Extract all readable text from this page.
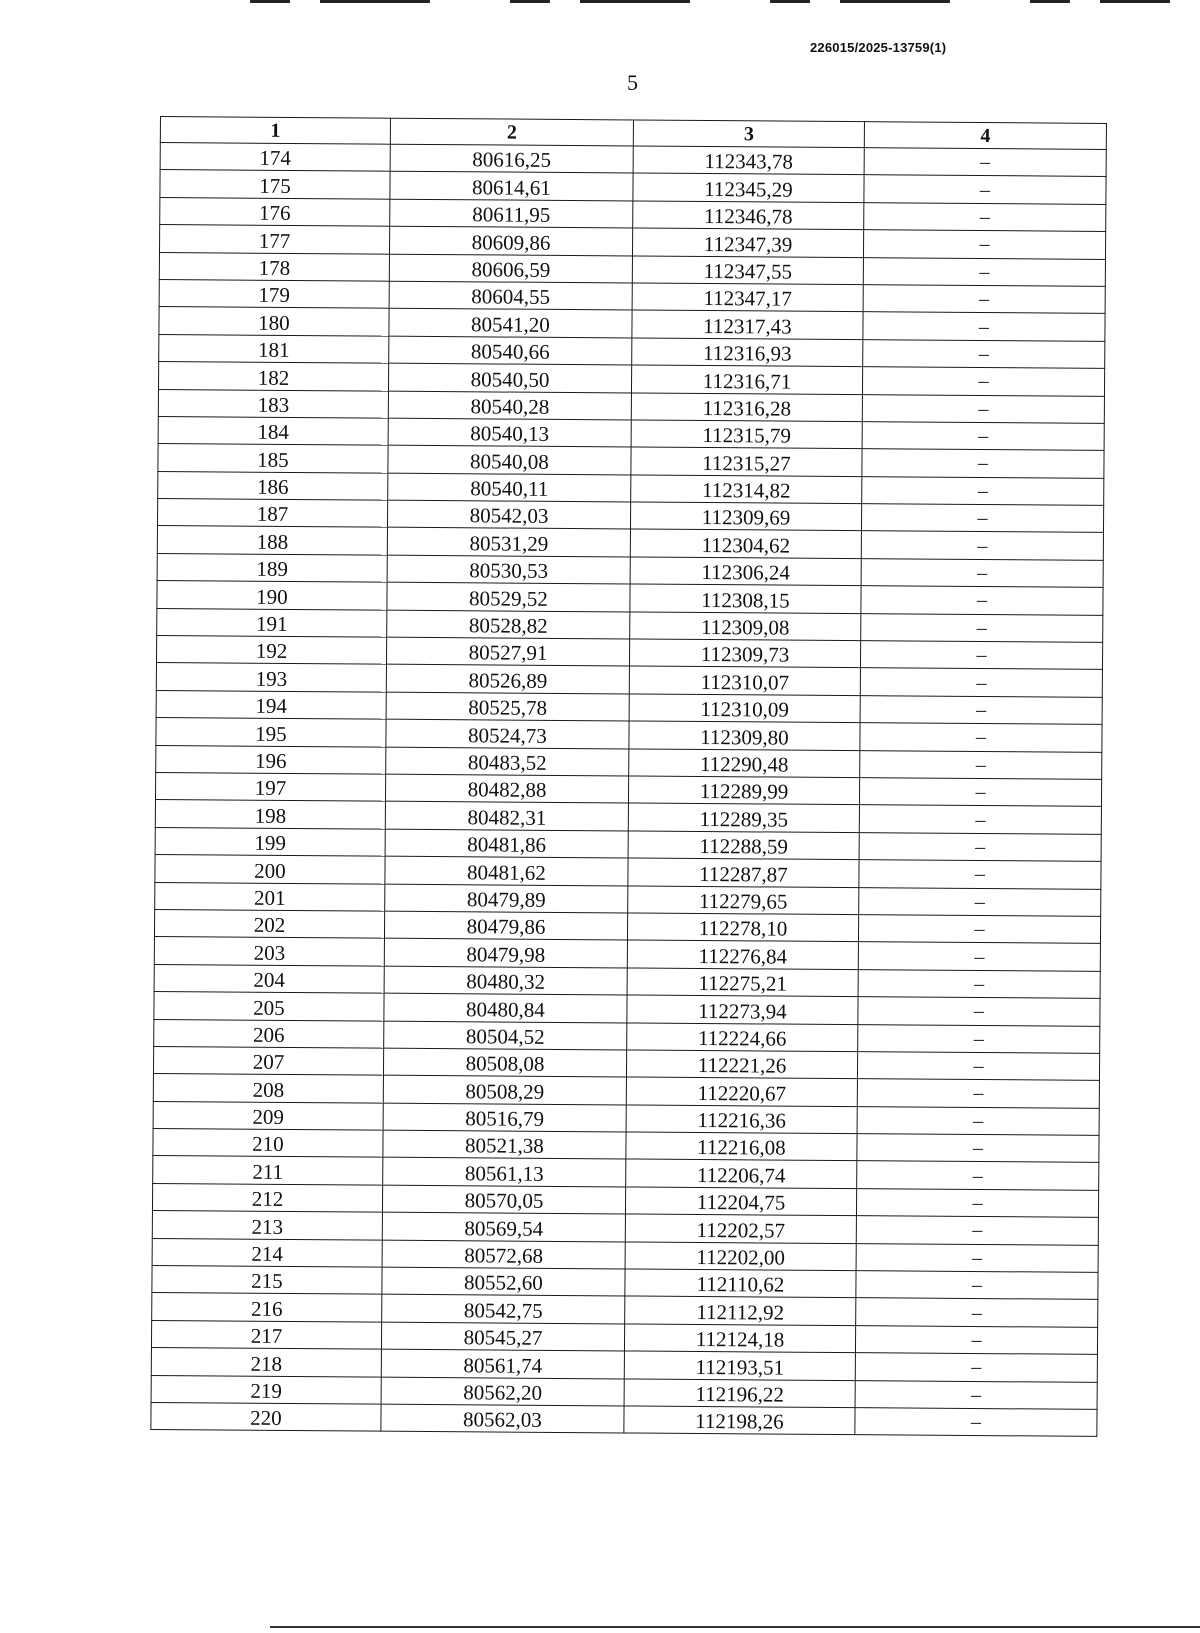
226015/2025-13759(1)
5
1	2	3	4
174	80616,25	112343,78	–
175	80614,61	112345,29	–
176	80611,95	112346,78	–
177	80609,86	112347,39	–
178	80606,59	112347,55	–
179	80604,55	112347,17	–
180	80541,20	112317,43	–
181	80540,66	112316,93	–
182	80540,50	112316,71	–
183	80540,28	112316,28	–
184	80540,13	112315,79	–
185	80540,08	112315,27	–
186	80540,11	112314,82	–
187	80542,03	112309,69	–
188	80531,29	112304,62	–
189	80530,53	112306,24	–
190	80529,52	112308,15	–
191	80528,82	112309,08	–
192	80527,91	112309,73	–
193	80526,89	112310,07	–
194	80525,78	112310,09	–
195	80524,73	112309,80	–
196	80483,52	112290,48	–
197	80482,88	112289,99	–
198	80482,31	112289,35	–
199	80481,86	112288,59	–
200	80481,62	112287,87	–
201	80479,89	112279,65	–
202	80479,86	112278,10	–
203	80479,98	112276,84	–
204	80480,32	112275,21	–
205	80480,84	112273,94	–
206	80504,52	112224,66	–
207	80508,08	112221,26	–
208	80508,29	112220,67	–
209	80516,79	112216,36	–
210	80521,38	112216,08	–
211	80561,13	112206,74	–
212	80570,05	112204,75	–
213	80569,54	112202,57	–
214	80572,68	112202,00	–
215	80552,60	112110,62	–
216	80542,75	112112,92	–
217	80545,27	112124,18	–
218	80561,74	112193,51	–
219	80562,20	112196,22	–
220	80562,03	112198,26	–
